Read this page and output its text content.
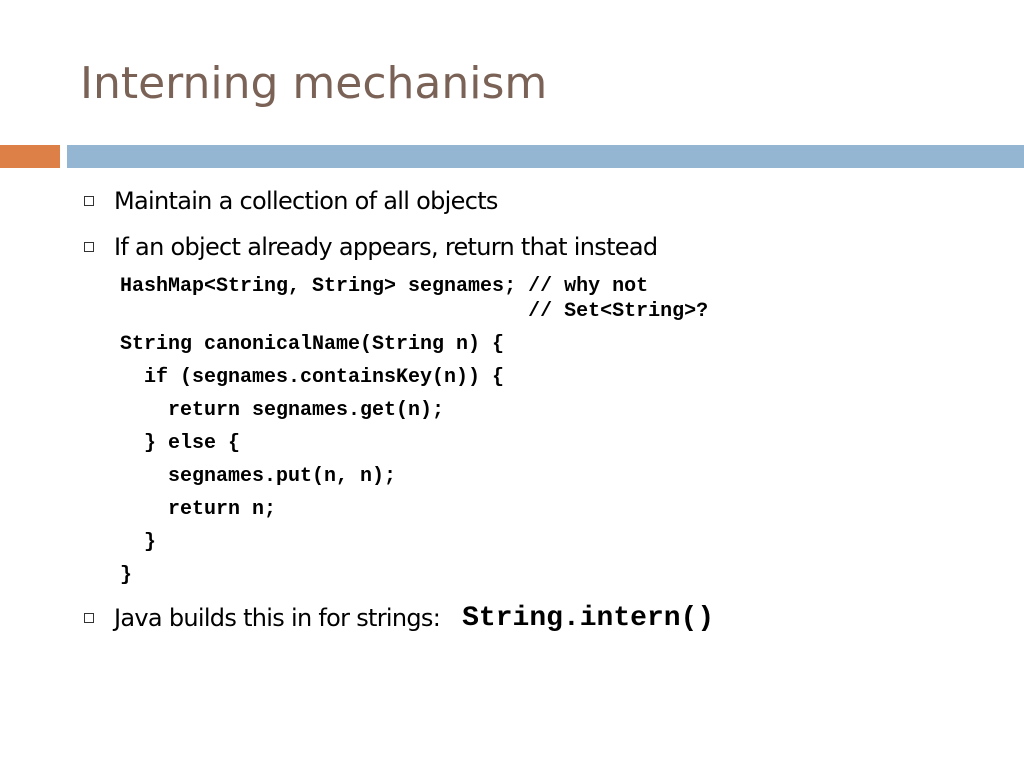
Interning mechanism
Maintain a collection of all objects
If an object already appears, return that instead
HashMap<String, String> segnames; // why not
// Set<String>?
String canonicalName(String n) {
if (segnames.containsKey(n)) {
return segnames.get(n);
} else {
segnames.put(n, n);
return n;
}
}
Java builds this in for strings: String.intern()
